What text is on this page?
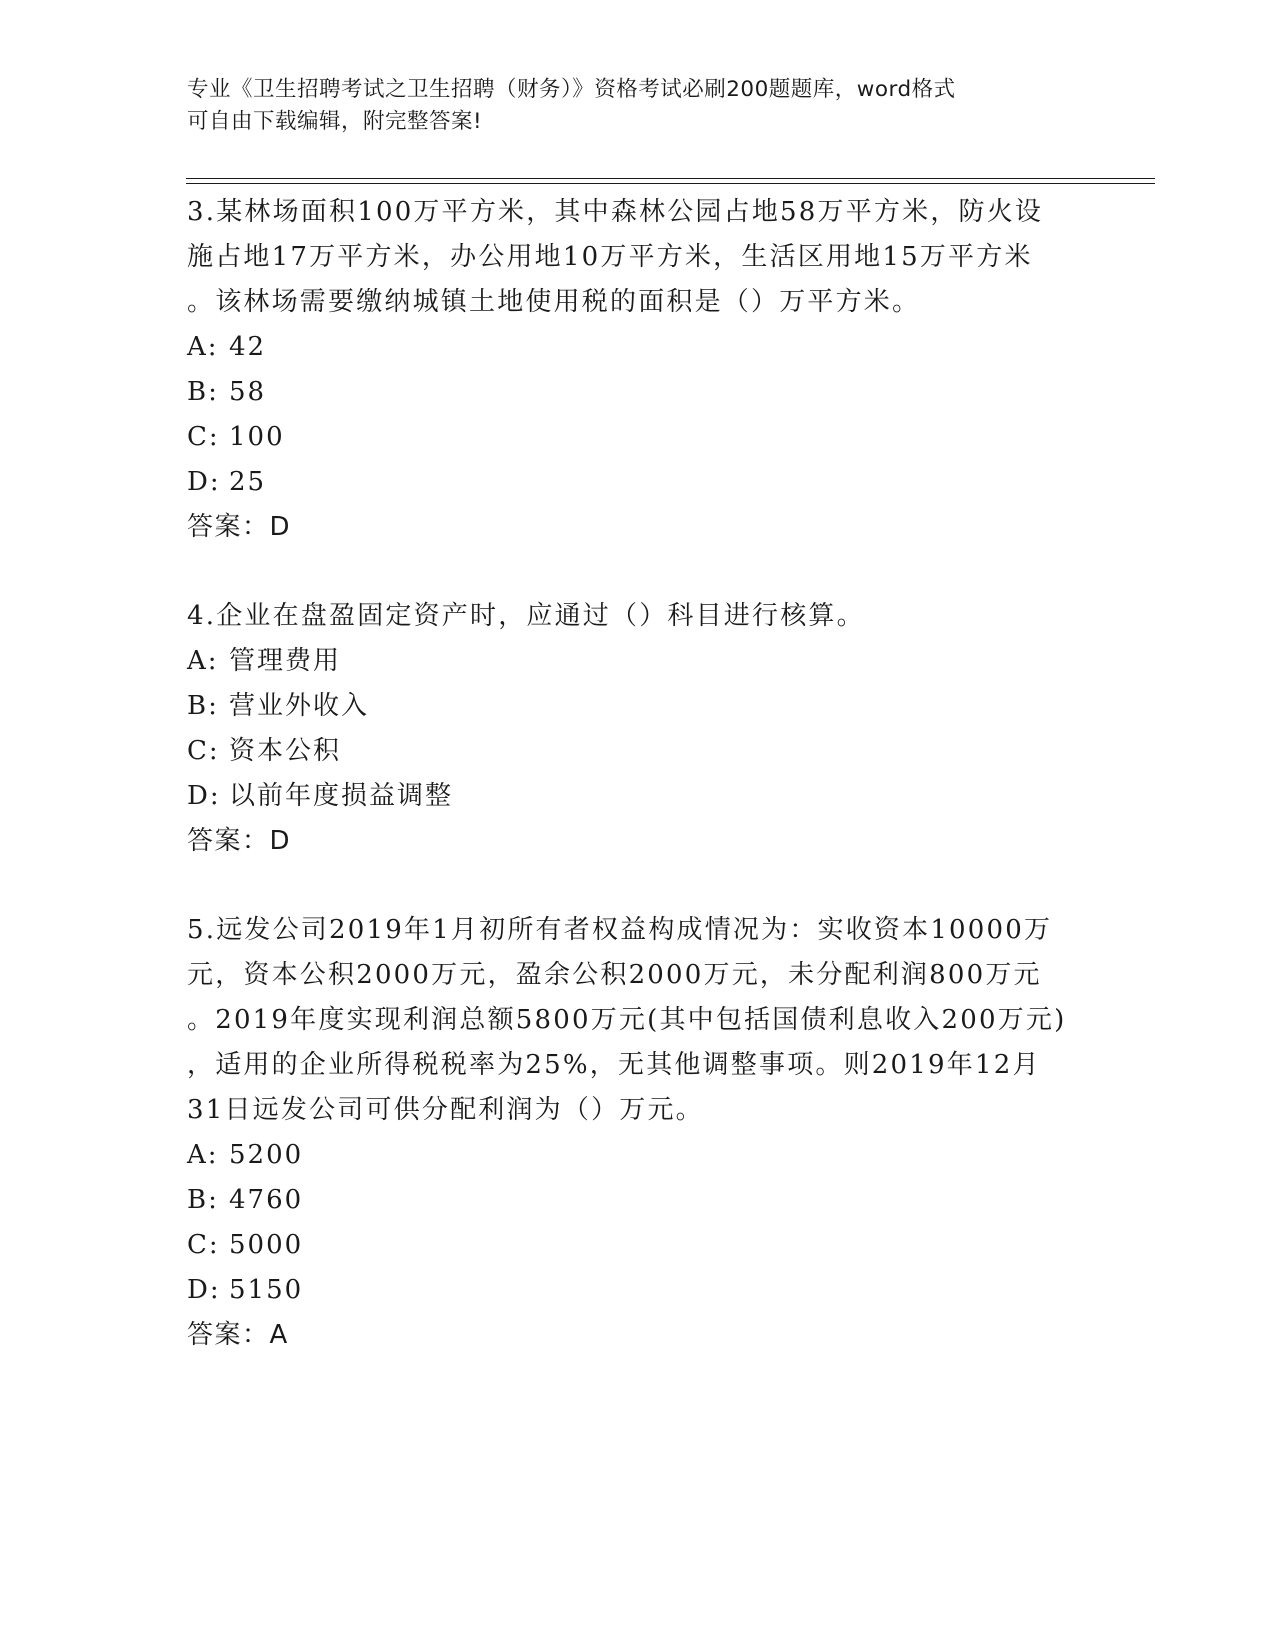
专业《卫生招聘考试之卫生招聘（财务）》资格考试必刷200题题库，word格式
可自由下载编辑，附完整答案!
3.某林场面积100万平方米，其中森林公园占地58万平方米，防火设
施占地17万平方米，办公用地10万平方米，生活区用地15万平方米
。该林场需要缴纳城镇土地使用税的面积是（）万平方米。
A: 42
B: 58
C: 100
D: 25
答案：D
4.企业在盘盈固定资产时，应通过（）科目进行核算。
A: 管理费用
B: 营业外收入
C: 资本公积
D: 以前年度损益调整
答案：D
5.远发公司2019年1月初所有者权益构成情况为：实收资本10000万
元，资本公积2000万元，盈余公积2000万元，未分配利润800万元
。2019年度实现利润总额5800万元(其中包括国债利息收入200万元)
，适用的企业所得税税率为25%，无其他调整事项。则2019年12月
31日远发公司可供分配利润为（）万元。
A: 5200
B: 4760
C: 5000
D: 5150
答案：A
